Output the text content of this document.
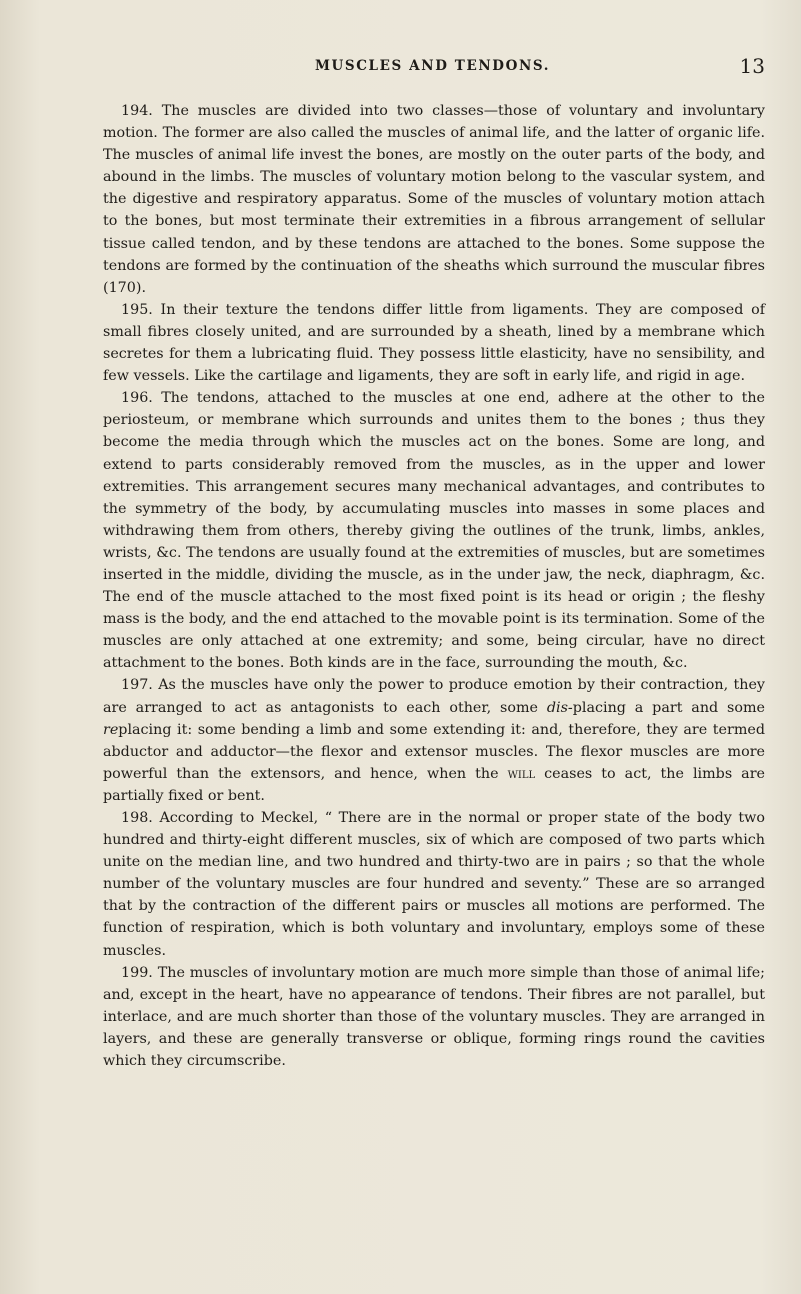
MUSCLES AND TENDONS.	13

194. The muscles are divided into two classes—those of voluntary and involuntary motion. The former are also called the muscles of animal life, and the latter of organic life. The muscles of animal life invest the bones, are mostly on the outer parts of the body, and abound in the limbs. The muscles of voluntary motion belong to the vascular system, and the digestive and respiratory apparatus. Some of the muscles of voluntary motion attach to the bones, but most terminate their extremities in a fibrous arrangement of sellular tissue called tendon, and by these tendons are attached to the bones. Some suppose the tendons are formed by the continuation of the sheaths which surround the muscular fibres (170).

195. In their texture the tendons differ little from ligaments. They are composed of small fibres closely united, and are surrounded by a sheath, lined by a membrane which secretes for them a lubricating fluid. They possess little elasticity, have no sensibility, and few vessels. Like the cartilage and ligaments, they are soft in early life, and rigid in age.

196. The tendons, attached to the muscles at one end, adhere at the other to the periosteum, or membrane which surrounds and unites them to the bones ; thus they become the media through which the muscles act on the bones. Some are long, and extend to parts considerably removed from the muscles, as in the upper and lower extremities. This arrangement secures many mechanical advantages, and contributes to the symmetry of the body, by accumulating muscles into masses in some places and withdrawing them from others, thereby giving the outlines of the trunk, limbs, ankles, wrists, &c. The tendons are usually found at the extremities of muscles, but are sometimes inserted in the middle, dividing the muscle, as in the under jaw, the neck, diaphragm, &c. The end of the muscle attached to the most fixed point is its head or origin ; the fleshy mass is the body, and the end attached to the movable point is its termination. Some of the muscles are only attached at one extremity; and some, being circular, have no direct attachment to the bones. Both kinds are in the face, surrounding the mouth, &c.

197. As the muscles have only the power to produce emotion by their contraction, they are arranged to act as antagonists to each other, some dis-placing a part and some replacing it: some bending a limb and some extending it: and, therefore, they are termed abductor and adductor—the flexor and extensor muscles. The flexor muscles are more powerful than the extensors, and hence, when the will ceases to act, the limbs are partially fixed or bent.

198. According to Meckel, “ There are in the normal or proper state of the body two hundred and thirty-eight different muscles, six of which are composed of two parts which unite on the median line, and two hundred and thirty-two are in pairs ; so that the whole number of the voluntary muscles are four hundred and seventy.” These are so arranged that by the contraction of the different pairs or muscles all motions are performed. The function of respiration, which is both voluntary and involuntary, employs some of these muscles.

199. The muscles of involuntary motion are much more simple than those of animal life; and, except in the heart, have no appearance of tendons. Their fibres are not parallel, but interlace, and are much shorter than those of the voluntary muscles. They are arranged in layers, and these are generally transverse or oblique, forming rings round the cavities which they circumscribe.
